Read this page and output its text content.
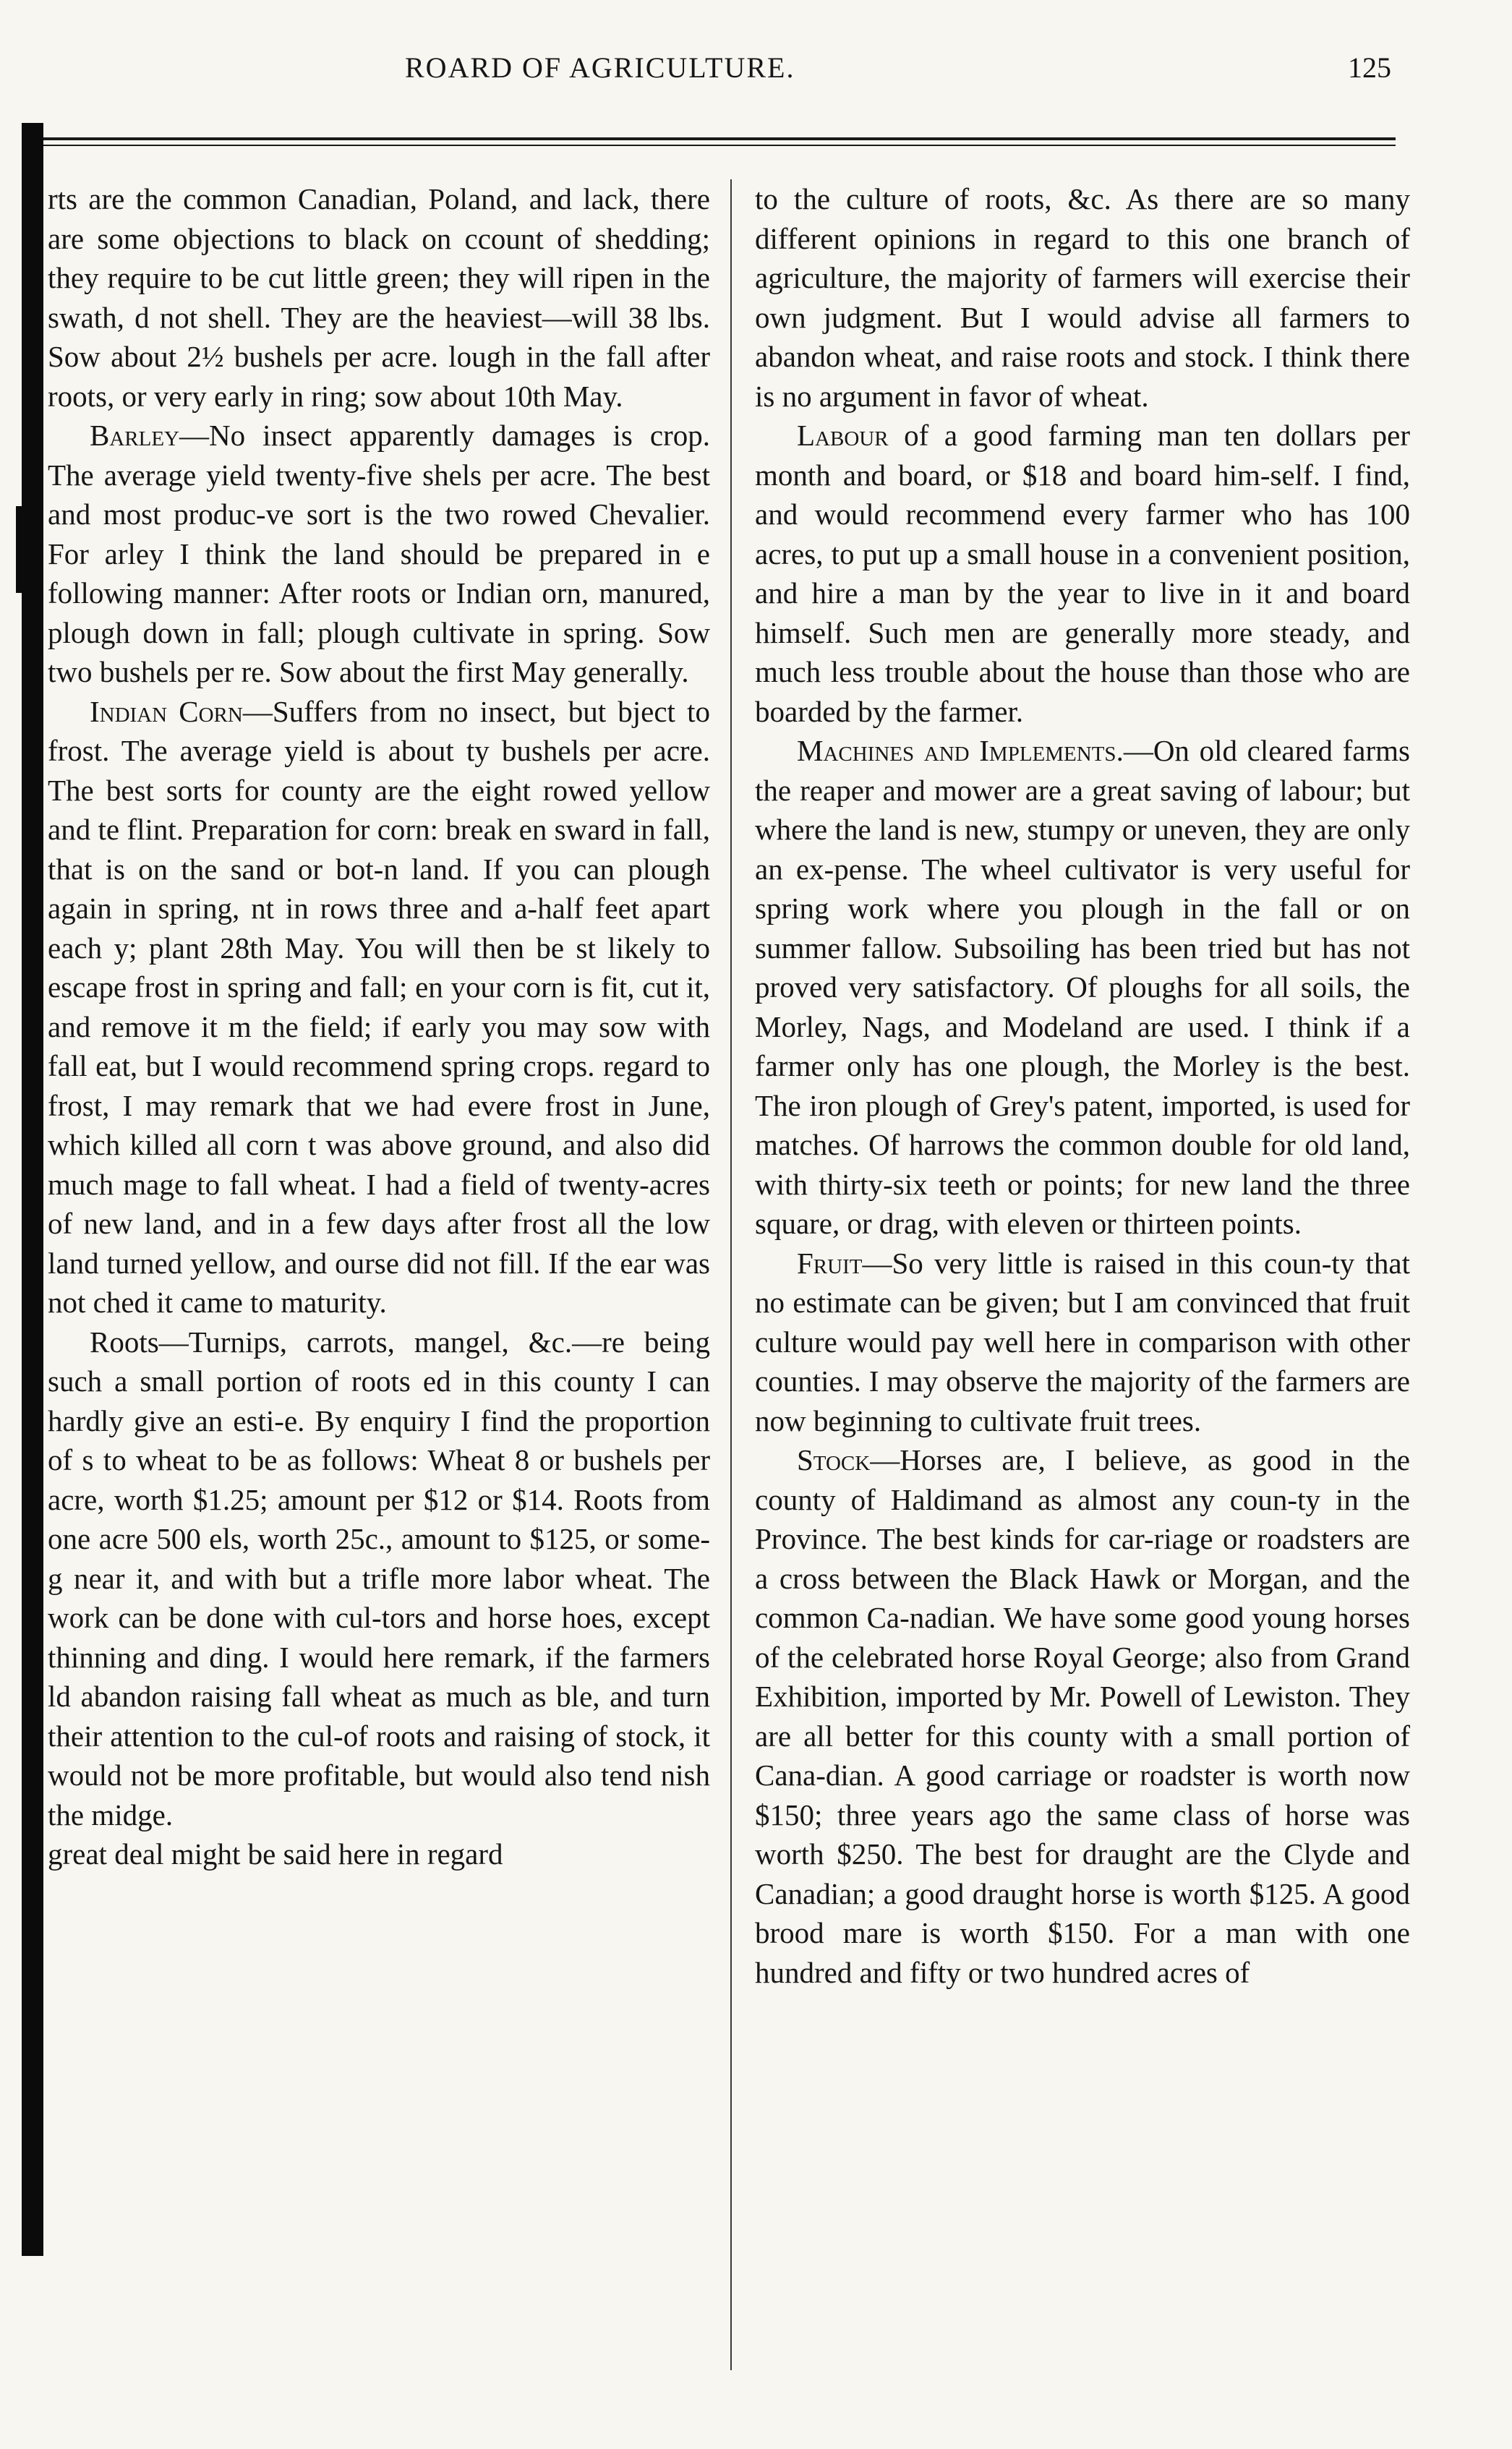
ROARD OF AGRICULTURE.	125

rts are the common Canadian, Poland, and lack, there are some objections to black on ccount of shedding; they require to be cut little green; they will ripen in the swath, d not shell. They are the heaviest—will 38 lbs. Sow about 2½ bushels per acre. lough in the fall after roots, or very early in ring; sow about 10th May.

Barley—No insect apparently damages is crop. The average yield twenty-five shels per acre. The best and most produc-ve sort is the two rowed Chevalier. For arley I think the land should be prepared in e following manner: After roots or Indian orn, manured, plough down in fall; plough cultivate in spring. Sow two bushels per re. Sow about the first May generally.

Indian Corn—Suffers from no insect, but bject to frost. The average yield is about ty bushels per acre. The best sorts for county are the eight rowed yellow and te flint. Preparation for corn: break en sward in fall, that is on the sand or bot-n land. If you can plough again in spring, nt in rows three and a-half feet apart each y; plant 28th May. You will then be st likely to escape frost in spring and fall; en your corn is fit, cut it, and remove it m the field; if early you may sow with fall eat, but I would recommend spring crops. regard to frost, I may remark that we had evere frost in June, which killed all corn t was above ground, and also did much mage to fall wheat. I had a field of twenty-acres of new land, and in a few days after frost all the low land turned yellow, and ourse did not fill. If the ear was not ched it came to maturity.

Roots—Turnips, carrots, mangel, &c.—re being such a small portion of roots ed in this county I can hardly give an esti-e. By enquiry I find the proportion of s to wheat to be as follows: Wheat 8 or bushels per acre, worth $1.25; amount per $12 or $14. Roots from one acre 500 els, worth 25c., amount to $125, or some-g near it, and with but a trifle more labor wheat. The work can be done with cul-tors and horse hoes, except thinning and ding. I would here remark, if the farmers ld abandon raising fall wheat as much as ble, and turn their attention to the cul-of roots and raising of stock, it would not be more profitable, but would also tend nish the midge.

great deal might be said here in regard

to the culture of roots, &c. As there are so many different opinions in regard to this one branch of agriculture, the majority of farmers will exercise their own judgment. But I would advise all farmers to abandon wheat, and raise roots and stock. I think there is no argument in favor of wheat.

Labour of a good farming man ten dollars per month and board, or $18 and board him-self. I find, and would recommend every farmer who has 100 acres, to put up a small house in a convenient position, and hire a man by the year to live in it and board himself. Such men are generally more steady, and much less trouble about the house than those who are boarded by the farmer.

Machines and Implements.—On old cleared farms the reaper and mower are a great saving of labour; but where the land is new, stumpy or uneven, they are only an ex-pense. The wheel cultivator is very useful for spring work where you plough in the fall or on summer fallow. Subsoiling has been tried but has not proved very satisfactory. Of ploughs for all soils, the Morley, Nags, and Modeland are used. I think if a farmer only has one plough, the Morley is the best. The iron plough of Grey's patent, imported, is used for matches. Of harrows the common double for old land, with thirty-six teeth or points; for new land the three square, or drag, with eleven or thirteen points.

Fruit—So very little is raised in this coun-ty that no estimate can be given; but I am convinced that fruit culture would pay well here in comparison with other counties. I may observe the majority of the farmers are now beginning to cultivate fruit trees.

Stock—Horses are, I believe, as good in the county of Haldimand as almost any coun-ty in the Province. The best kinds for car-riage or roadsters are a cross between the Black Hawk or Morgan, and the common Ca-nadian. We have some good young horses of the celebrated horse Royal George; also from Grand Exhibition, imported by Mr. Powell of Lewiston. They are all better for this county with a small portion of Cana-dian. A good carriage or roadster is worth now $150; three years ago the same class of horse was worth $250. The best for draught are the Clyde and Canadian; a good draught horse is worth $125. A good brood mare is worth $150. For a man with one hundred and fifty or two hundred acres of
